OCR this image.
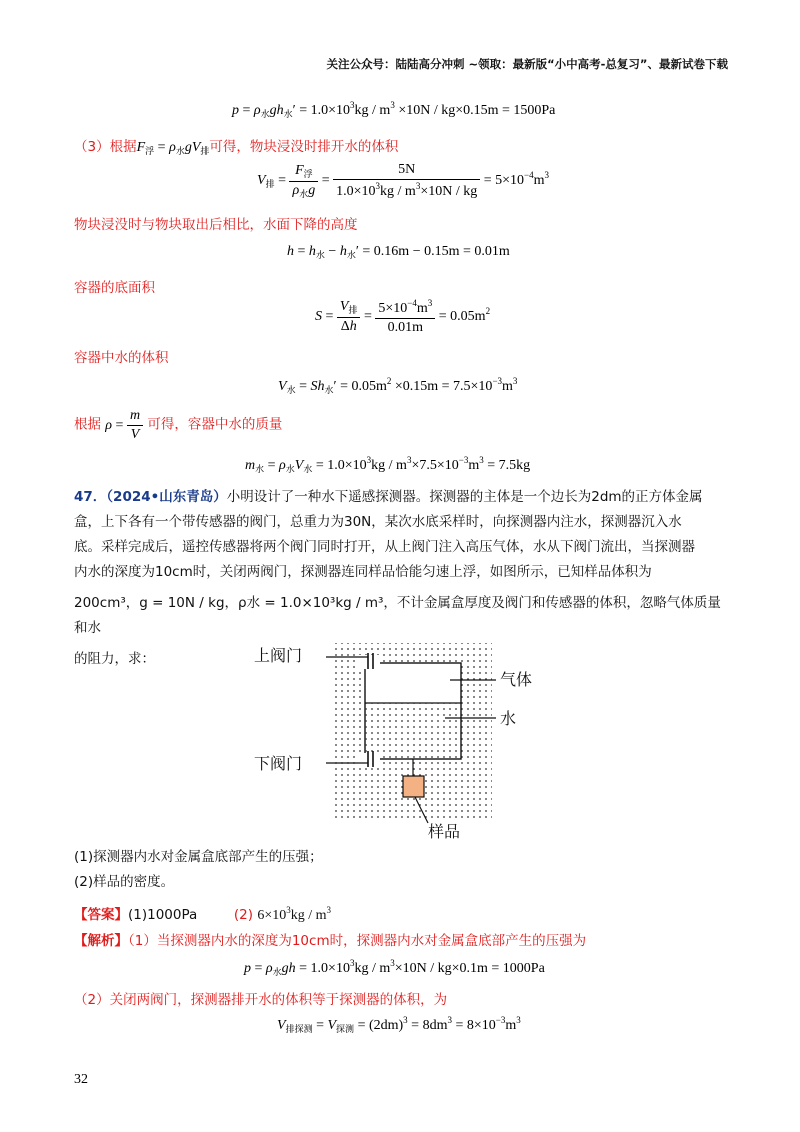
关注公众号：陆陆高分冲刺 ~领取：最新版“小中高考-总复习”、最新试卷下载
$p = \rho_水gh_水' = 1.0\times 10^3kg / m^3 \times 10N / kg\times 0.15m = 1500Pa$
（3）根据$F_浮 = \rho_水gV_排$可得，物块浸没时排开水的体积
$V_排 = \frac{F_浮}{\rho_水g} = \frac{5N}{1.0\times 10^3kg / m^3\times 10N / kg} = 5\times 10^{-4}m^3$
物块浸没时与物块取出后相比，水面下降的高度
$h = h_水 - h_水' = 0.16m - 0.15m = 0.01m$
容器的底面积
$S = \frac{V_排}{\Delta h} = \frac{5\times 10^{-4}m^3}{0.01m} = 0.05m^2$
容器中水的体积
$V_水 = Sh_水' = 0.05m^2 \times 0.15m = 7.5\times 10^{-3}m^3$
根据 $\rho = \frac{m}{V}$ 可得，容器中水的质量
$m_水 = \rho_水V_水 = 1.0\times 10^3kg / m^3\times 7.5\times 10^{-3}m^3 = 7.5kg$
47．（2024•山东青岛）小明设计了一种水下遥感探测器。探测器的主体是一个边长为2dm的正方体金属
盒，上下各有一个带传感器的阀门，总重力为30N，某次水底采样时，向探测器内注水，探测器沉入水
底。采样完成后，遥控传感器将两个阀门同时打开，从上阀门注入高压气体，水从下阀门流出，当探测器
内水的深度为10cm时，关闭两阀门，探测器连同样品恰能匀速上浮，如图所示，已知样品体积为
200cm³，g = 10N / kg，ρ水 = 1.0×10³kg / m³，不计金属盒厚度及阀门和传感器的体积，忽略气体质量和水
的阻力，求：	上阀门
下阀门
气体
水
样品
(1)探测器内水对金属盒底部产生的压强；
(2)样品的密度。
【答案】(1)1000Pa	(2) $6\times 10^3kg / m^3$
【解析】（1）当探测器内水的深度为10cm时，探测器内水对金属盒底部产生的压强为
$p = \rho_水gh = 1.0\times 10^3kg / m^3\times 10N / kg\times 0.1m = 1000Pa$
（2）关闭两阀门，探测器排开水的体积等于探测器的体积，为
$V_{排探测} = V_{探测} = (2dm)^3 = 8dm^3 = 8\times 10^{-3}m^3$
32
